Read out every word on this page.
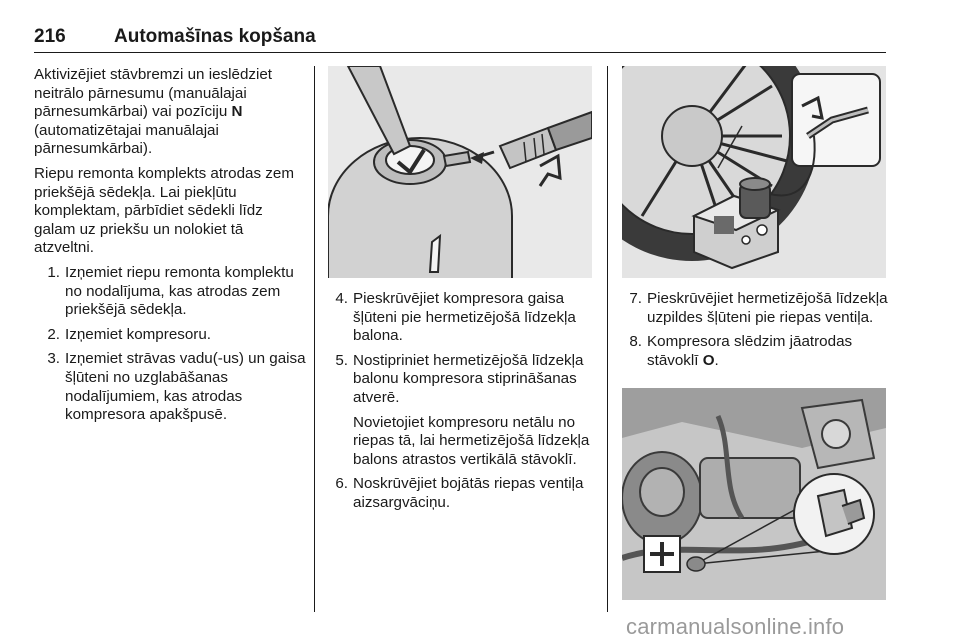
216	Automašīnas kopšana

Aktivizējiet stāvbremzi un ieslēdziet neitrālo pārnesumu (manuālajai pārnesumkārbai) vai pozīciju N (automatizētajai manuālajai pārnesumkārbai).

Riepu remonta komplekts atrodas zem priekšējā sēdekļa. Lai piekļūtu komplektam, pārbīdiet sēdekli līdz galam uz priekšu un nolokiet tā atzveltni.

1. Izņemiet riepu remonta komplektu no nodalījuma, kas atrodas zem priekšējā sēdekļa.
2. Izņemiet kompresoru.
3. Izņemiet strāvas vadu(-us) un gaisa šļūteni no uzglabāšanas nodalījumiem, kas atrodas kompresora apakšpusē.
4. Pieskrūvējiet kompresora gaisa šļūteni pie hermetizējošā līdzekļa balona.
5. Nostipriniet hermetizējošā līdzekļa balonu kompresora stiprināšanas atverē.
Novietojiet kompresoru netālu no riepas tā, lai hermetizējošā līdzekļa balons atrastos vertikālā stāvoklī.
6. Noskrūvējiet bojātās riepas ventiļa aizsargvāciņu.
7. Pieskrūvējiet hermetizējošā līdzekļa uzpildes šļūteni pie riepas ventiļa.
8. Kompresora slēdzim jāatrodas stāvoklī O.
carmanualsonline.info
